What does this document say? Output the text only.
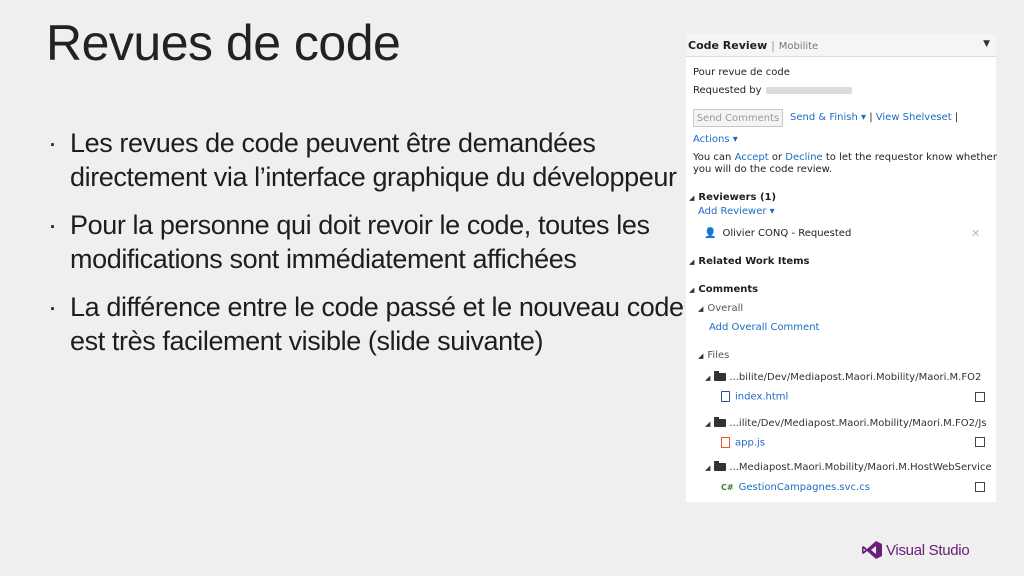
Revues de code
· Les revues de code peuvent être demandées directement via l’interface graphique du développeur
· Pour la personne qui doit revoir le code, toutes les modifications sont immédiatement affichées
· La différence entre le code passé et le nouveau code est très facilement visible (slide suivante)
Code Review | Mobilite	▼
Pour revue de code
Requested by
Send Comments	Send & Finish ▾ | View Shelveset |
Actions ▾
You can Accept or Decline to let the requestor know whether
you will do the code review.
◢ Reviewers (1)
Add Reviewer ▾
👤 Olivier CONQ - Requested	✕
◢ Related Work Items
◢ Comments
◢ Overall
Add Overall Comment
◢ Files
◢ ...bilite/Dev/Mediapost.Maori.Mobility/Maori.M.FO2
index.html
◢ ...ilite/Dev/Mediapost.Maori.Mobility/Maori.M.FO2/Js
app.js
◢ ...Mediapost.Maori.Mobility/Maori.M.HostWebService
C# GestionCampagnes.svc.cs
Visual Studio
